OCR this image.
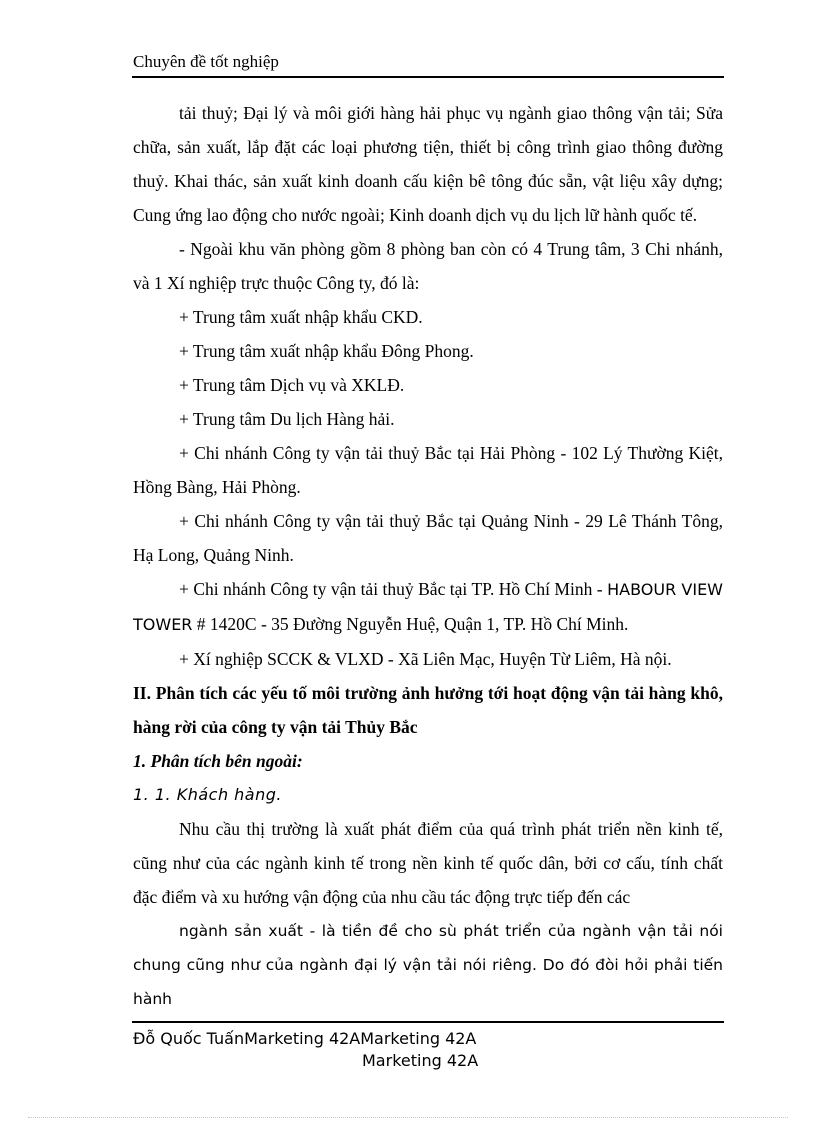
Chuyên đề tốt nghiệp

tải thuỷ; Đại lý và môi giới hàng hải phục vụ ngành giao thông vận tải; Sửa chữa, sản xuất, lắp đặt các loại phương tiện, thiết bị công trình giao thông đường thuỷ. Khai thác, sản xuất kinh doanh cấu kiện bê tông đúc sẵn, vật liệu xây dựng; Cung ứng lao động cho nước ngoài; Kinh doanh dịch vụ du lịch lữ hành quốc tế.

- Ngoài khu văn phòng gồm 8 phòng ban còn có 4 Trung tâm, 3 Chi nhánh, và 1 Xí nghiệp trực thuộc Công ty, đó là:

+ Trung tâm xuất nhập khẩu CKD.

+ Trung tâm xuất nhập khẩu Đông Phong.

+ Trung tâm Dịch vụ và XKLĐ.

+ Trung tâm Du lịch Hàng hải.

+ Chi nhánh Công ty vận tải thuỷ Bắc tại Hải Phòng - 102 Lý Thường Kiệt, Hồng Bàng, Hải Phòng.

+ Chi nhánh Công ty vận tải thuỷ Bắc tại Quảng Ninh - 29 Lê Thánh Tông, Hạ Long, Quảng Ninh.

+ Chi nhánh Công ty vận tải thuỷ Bắc tại TP. Hồ Chí Minh - HABOUR VIEW TOWER # 1420C - 35 Đường Nguyễn Huệ, Quận 1, TP. Hồ Chí Minh.

+ Xí nghiệp SCCK & VLXD - Xã Liên Mạc, Huyện Từ Liêm, Hà nội.

II. Phân tích các yếu tố môi trường ảnh hưởng tới hoạt động vận tải hàng khô, hàng rời của công ty vận tải Thủy Bắc

1. Phân tích bên ngoài:

1. 1. Khách hàng.

Nhu cầu thị trường là xuất phát điểm của quá trình phát triển nền kinh tế, cũng như của các ngành kinh tế trong nền kinh tế quốc dân, bởi cơ cấu, tính chất đặc điểm và xu hướng vận động của nhu cầu tác động trực tiếp đến các

ngành sản xuất - là tiền đề cho sù phát triển của ngành vận tải nói chung cũng như của ngành đại lý vận tải nói riêng. Do đó đòi hỏi phải tiến hành

Đỗ Quốc TuấnMarketing 42AMarketing 42A
Marketing 42A
